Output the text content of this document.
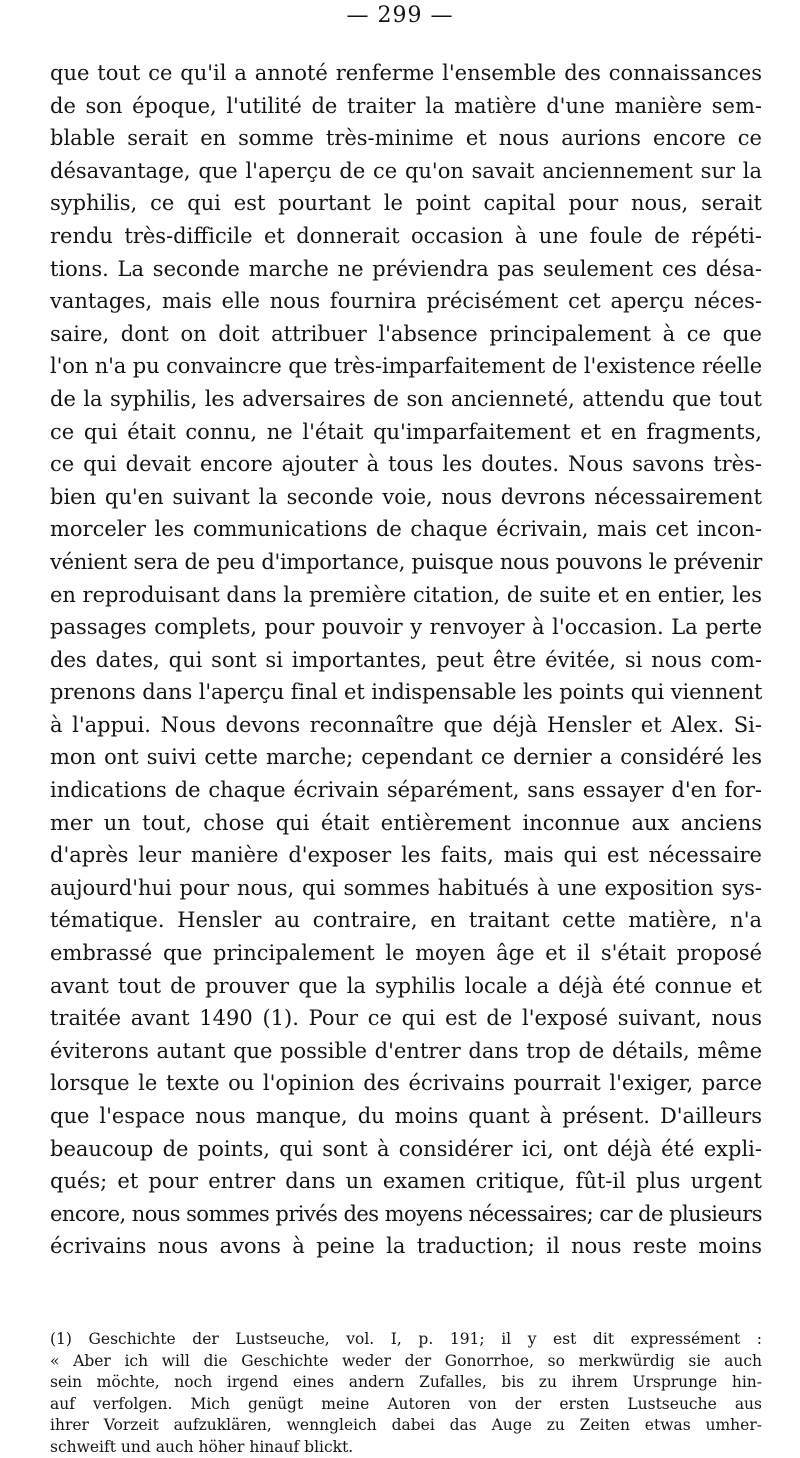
— 299 —
que tout ce qu'il a annoté renferme l'ensemble des connaissances
de son époque, l'utilité de traiter la matière d'une manière sem-
blable serait en somme très-minime et nous aurions encore ce
désavantage, que l'aperçu de ce qu'on savait anciennement sur la
syphilis, ce qui est pourtant le point capital pour nous, serait
rendu très-difficile et donnerait occasion à une foule de répéti-
tions. La seconde marche ne préviendra pas seulement ces désa-
vantages, mais elle nous fournira précisément cet aperçu néces-
saire, dont on doit attribuer l'absence principalement à ce que
l'on n'a pu convaincre que très-imparfaitement de l'existence réelle
de la syphilis, les adversaires de son ancienneté, attendu que tout
ce qui était connu, ne l'était qu'imparfaitement et en fragments,
ce qui devait encore ajouter à tous les doutes. Nous savons très-
bien qu'en suivant la seconde voie, nous devrons nécessairement
morceler les communications de chaque écrivain, mais cet incon-
vénient sera de peu d'importance, puisque nous pouvons le prévenir
en reproduisant dans la première citation, de suite et en entier, les
passages complets, pour pouvoir y renvoyer à l'occasion. La perte
des dates, qui sont si importantes, peut être évitée, si nous com-
prenons dans l'aperçu final et indispensable les points qui viennent
à l'appui. Nous devons reconnaître que déjà Hensler et Alex. Si-
mon ont suivi cette marche; cependant ce dernier a considéré les
indications de chaque écrivain séparément, sans essayer d'en for-
mer un tout, chose qui était entièrement inconnue aux anciens
d'après leur manière d'exposer les faits, mais qui est nécessaire
aujourd'hui pour nous, qui sommes habitués à une exposition sys-
tématique. Hensler au contraire, en traitant cette matière, n'a
embrassé que principalement le moyen âge et il s'était proposé
avant tout de prouver que la syphilis locale a déjà été connue et
traitée avant 1490 (1). Pour ce qui est de l'exposé suivant, nous
éviterons autant que possible d'entrer dans trop de détails, même
lorsque le texte ou l'opinion des écrivains pourrait l'exiger, parce
que l'espace nous manque, du moins quant à présent. D'ailleurs
beaucoup de points, qui sont à considérer ici, ont déjà été expli-
qués; et pour entrer dans un examen critique, fût-il plus urgent
encore, nous sommes privés des moyens nécessaires; car de plusieurs
écrivains nous avons à peine la traduction; il nous reste moins
(1) Geschichte der Lustseuche, vol. I, p. 191; il y est dit expressément :
« Aber ich will die Geschichte weder der Gonorrhoe, so merkwürdig sie auch
sein möchte, noch irgend eines andern Zufalles, bis zu ihrem Ursprunge hin-
auf verfolgen. Mich genügt meine Autoren von der ersten Lustseuche aus
ihrer Vorzeit aufzuklären, wenngleich dabei das Auge zu Zeiten etwas umher-
schweift und auch höher hinauf blickt.
